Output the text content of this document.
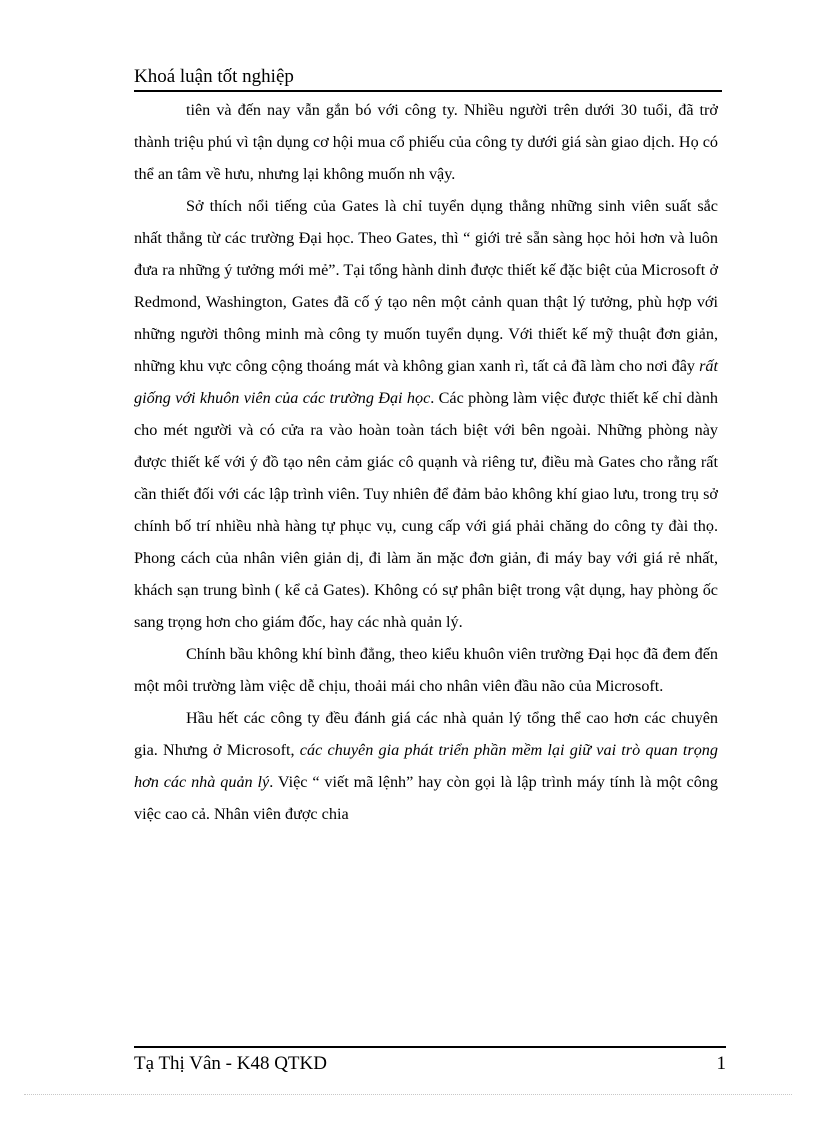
Khoá luận tốt nghiệp

tiên và đến nay vẫn gắn bó với công ty. Nhiều người trên dưới 30 tuổi, đã trở thành triệu phú vì tận dụng cơ hội mua cổ phiếu của công ty dưới giá sàn giao dịch. Họ có thể an tâm về hưu, nhưng lại không muốn nh vậy.

Sở thích nổi tiếng của Gates là chỉ tuyển dụng thẳng những sinh viên suất sắc nhất thẳng từ các trường Đại học. Theo Gates, thì “ giới trẻ sẵn sàng học hỏi hơn và luôn đưa ra những ý tưởng mới mẻ”. Tại tổng hành dinh được thiết kế đặc biệt của Microsoft ở Redmond, Washington, Gates đã cố ý tạo nên một cảnh quan thật lý tưởng, phù hợp với những người thông minh mà công ty muốn tuyển dụng. Với thiết kế mỹ thuật đơn giản, những khu vực công cộng thoáng mát và không gian xanh rì, tất cả đã làm cho nơi đây rất giống với khuôn viên của các trường Đại học. Các phòng làm việc được thiết kế chỉ dành cho mét người và có cửa ra vào hoàn toàn tách biệt với bên ngoài. Những phòng này được thiết kế với ý đồ tạo nên cảm giác cô quạnh và riêng tư, điều mà Gates cho rằng rất cần thiết đối với các lập trình viên. Tuy nhiên để đảm bảo không khí giao lưu, trong trụ sở chính bố trí nhiều nhà hàng tự phục vụ, cung cấp với giá phải chăng do công ty đài thọ. Phong cách của nhân viên giản dị, đi làm ăn mặc đơn giản, đi máy bay với giá rẻ nhất, khách sạn trung bình ( kể cả Gates). Không có sự phân biệt trong vật dụng, hay phòng ốc sang trọng hơn cho giám đốc, hay các nhà quản lý.

Chính bầu không khí bình đẳng, theo kiểu khuôn viên trường Đại học đã đem đến một môi trường làm việc dễ chịu, thoải mái cho nhân viên đầu não của Microsoft.

Hầu hết các công ty đều đánh giá các nhà quản lý tổng thể cao hơn các chuyên gia. Nhưng ở Microsoft, các chuyên gia phát triển phần mềm lại giữ vai trò quan trọng hơn các nhà quản lý. Việc “ viết mã lệnh” hay còn gọi là lập trình máy tính là một công việc cao cả. Nhân viên được chia

Tạ Thị Vân - K48 QTKD	1
